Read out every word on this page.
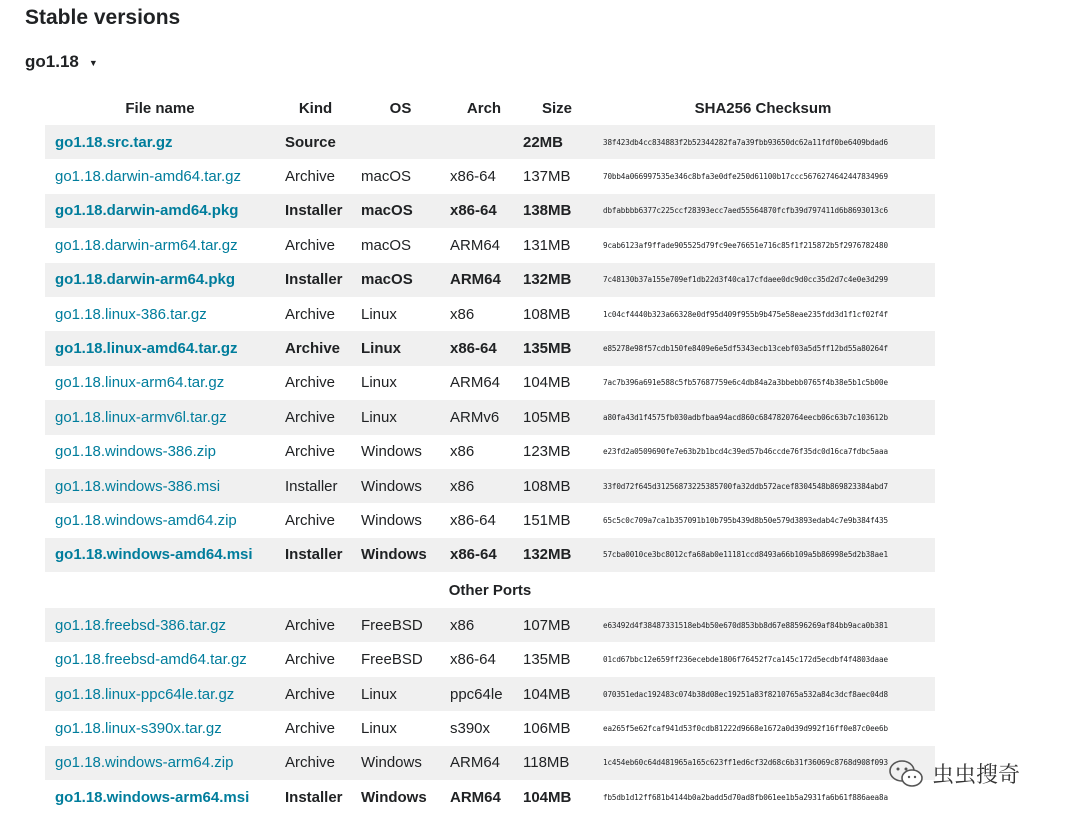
Stable versions
go1.18 ▼
File name	Kind	OS	Arch	Size	SHA256 Checksum
go1.18.src.tar.gz	Source			22MB	38f423db4cc834883f2b52344282fa7a39fbb93650dc62a11fdf0be6409bdad6
go1.18.darwin-amd64.tar.gz	Archive	macOS	x86-64	137MB	70bb4a066997535e346c8bfa3e0dfe250d61100b17ccc5676274642447834969
go1.18.darwin-amd64.pkg	Installer	macOS	x86-64	138MB	dbfabbbb6377c225ccf28393ecc7aed55564870fcfb39d797411d6b8693013c6
go1.18.darwin-arm64.tar.gz	Archive	macOS	ARM64	131MB	9cab6123af9ffade905525d79fc9ee76651e716c85f1f215872b5f2976782480
go1.18.darwin-arm64.pkg	Installer	macOS	ARM64	132MB	7c48130b37a155e709ef1db22d3f40ca17cfdaee0dc9d0cc35d2d7c4e0e3d299
go1.18.linux-386.tar.gz	Archive	Linux	x86	108MB	1c04cf4440b323a66328e0df95d409f955b9b475e58eae235fdd3d1f1cf02f4f
go1.18.linux-amd64.tar.gz	Archive	Linux	x86-64	135MB	e85278e98f57cdb150fe8409e6e5df5343ecb13cebf03a5d5ff12bd55a80264f
go1.18.linux-arm64.tar.gz	Archive	Linux	ARM64	104MB	7ac7b396a691e588c5fb57687759e6c4db84a2a3bbebb0765f4b38e5b1c5b00e
go1.18.linux-armv6l.tar.gz	Archive	Linux	ARMv6	105MB	a80fa43d1f4575fb030adbfbaa94acd860c6847820764eecb06c63b7c103612b
go1.18.windows-386.zip	Archive	Windows	x86	123MB	e23fd2a0509690fe7e63b2b1bcd4c39ed57b46ccde76f35dc0d16ca7fdbc5aaa
go1.18.windows-386.msi	Installer	Windows	x86	108MB	33f0d72f645d31256873225385700fa32ddb572acef8304548b869823384abd7
go1.18.windows-amd64.zip	Archive	Windows	x86-64	151MB	65c5c0c709a7ca1b357091b10b795b439d8b50e579d3893edab4c7e9b384f435
go1.18.windows-amd64.msi	Installer	Windows	x86-64	132MB	57cba0010ce3bc8012cfa68ab0e11181ccd8493a66b109a5b86998e5d2b38ae1
Other Ports					
go1.18.freebsd-386.tar.gz	Archive	FreeBSD	x86	107MB	e63492d4f38487331518eb4b50e670d853bb8d67e88596269af84bb9aca0b381
go1.18.freebsd-amd64.tar.gz	Archive	FreeBSD	x86-64	135MB	01cd67bbc12e659ff236ecebde1806f76452f7ca145c172d5ecdbf4f4803daae
go1.18.linux-ppc64le.tar.gz	Archive	Linux	ppc64le	104MB	070351edac192483c074b38d08ec19251a83f8210765a532a84c3dcf8aec04d8
go1.18.linux-s390x.tar.gz	Archive	Linux	s390x	106MB	ea265f5e62fcaf941d53f0cdb81222d9668e1672a0d39d992f16ff0e87c0ee6b
go1.18.windows-arm64.zip	Archive	Windows	ARM64	118MB	1c454eb60c64d481965a165c623ff1ed6cf32d68c6b31f36069c8768d908f093
go1.18.windows-arm64.msi	Installer	Windows	ARM64	104MB	fb5db1d12ff681b4144b0a2badd5d70ad8fb061ee1b5a2931fa6b61f886aea8a
虫虫搜奇
